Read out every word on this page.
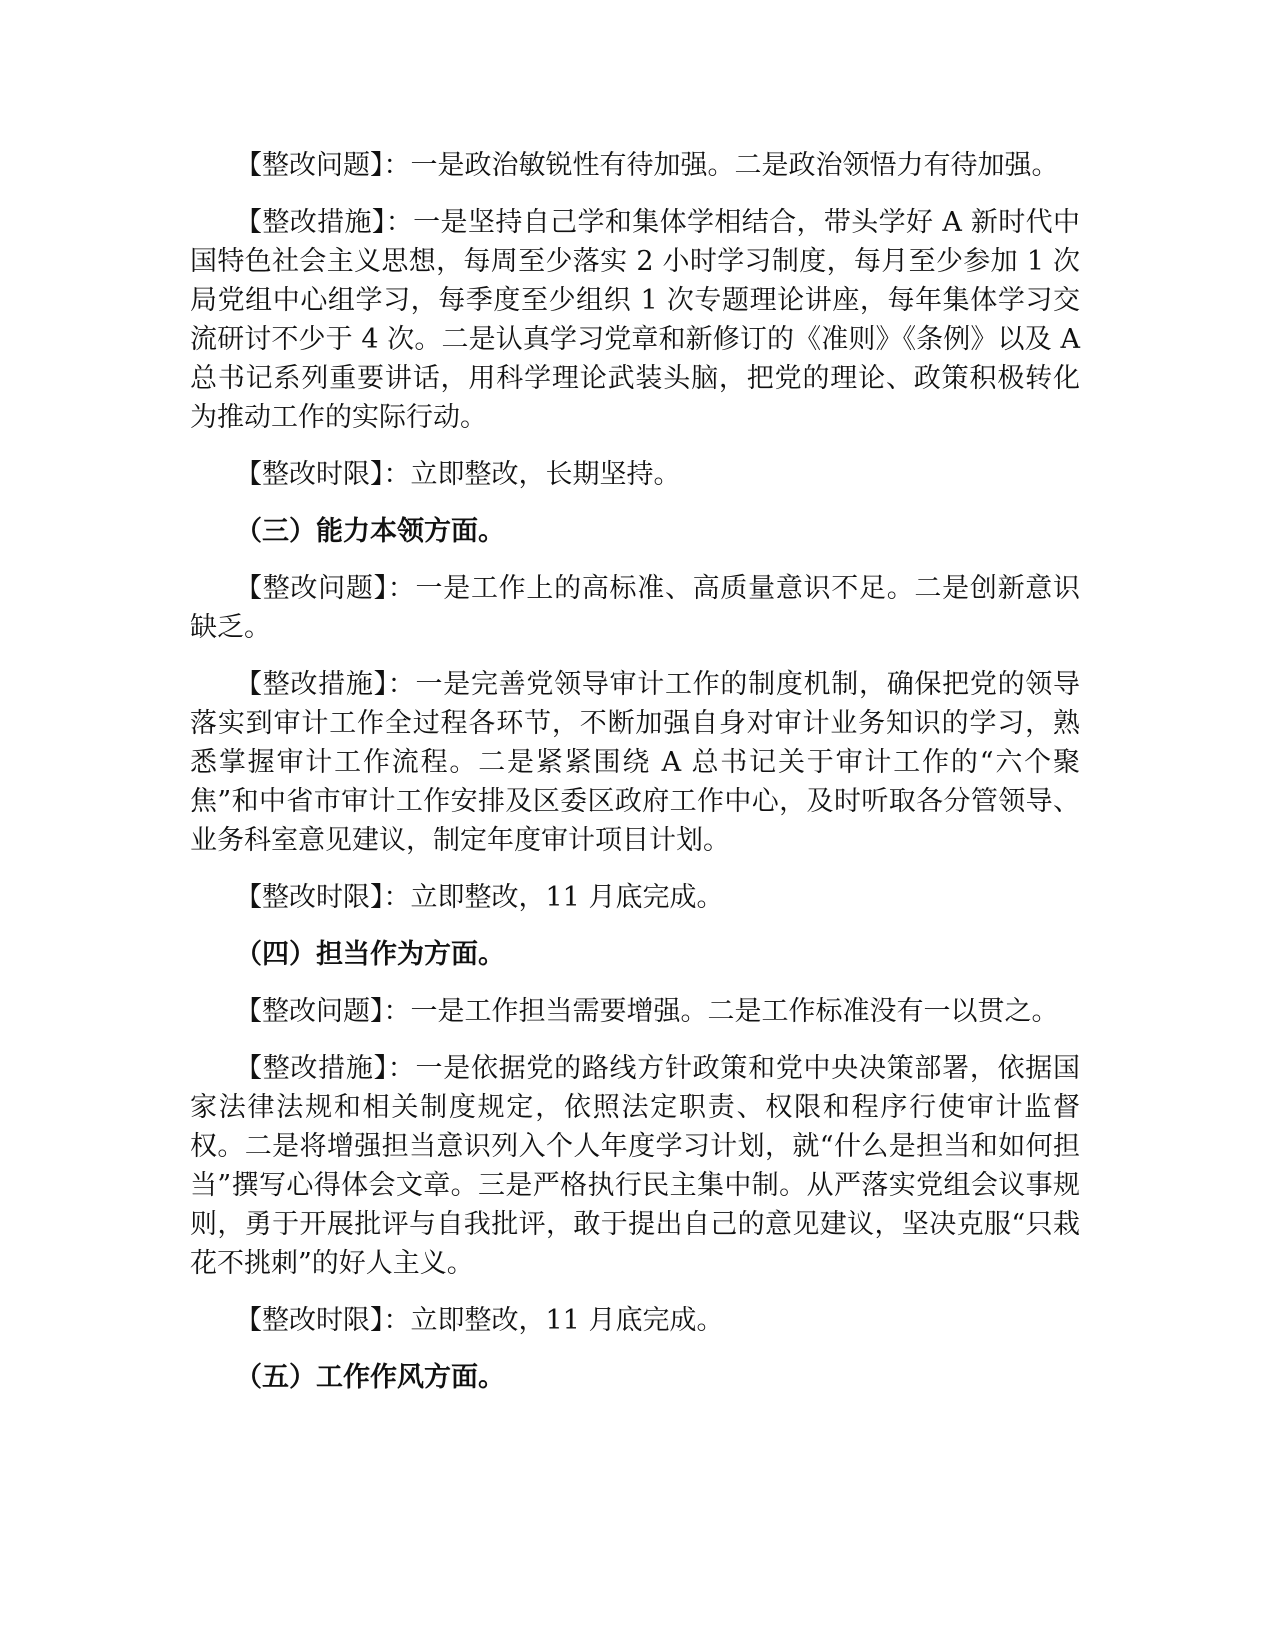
【整改问题】：一是政治敏锐性有待加强。二是政治领悟力有待加强。

【整改措施】：一是坚持自己学和集体学相结合，带头学好 A 新时代中国特色社会主义思想，每周至少落实 2 小时学习制度，每月至少参加 1 次局党组中心组学习，每季度至少组织 1 次专题理论讲座，每年集体学习交流研讨不少于 4 次。二是认真学习党章和新修订的《准则》《条例》以及 A 总书记系列重要讲话，用科学理论武装头脑，把党的理论、政策积极转化为推动工作的实际行动。

【整改时限】：立即整改，长期坚持。

（三）能力本领方面。

【整改问题】：一是工作上的高标准、高质量意识不足。二是创新意识缺乏。

【整改措施】：一是完善党领导审计工作的制度机制，确保把党的领导落实到审计工作全过程各环节，不断加强自身对审计业务知识的学习，熟悉掌握审计工作流程。二是紧紧围绕 A 总书记关于审计工作的“六个聚焦”和中省市审计工作安排及区委区政府工作中心，及时听取各分管领导、业务科室意见建议，制定年度审计项目计划。

【整改时限】：立即整改，11 月底完成。

（四）担当作为方面。

【整改问题】：一是工作担当需要增强。二是工作标准没有一以贯之。

【整改措施】：一是依据党的路线方针政策和党中央决策部署，依据国家法律法规和相关制度规定，依照法定职责、权限和程序行使审计监督权。二是将增强担当意识列入个人年度学习计划，就“什么是担当和如何担当”撰写心得体会文章。三是严格执行民主集中制。从严落实党组会议事规则，勇于开展批评与自我批评，敢于提出自己的意见建议，坚决克服“只栽花不挑刺”的好人主义。

【整改时限】：立即整改，11 月底完成。

（五）工作作风方面。
